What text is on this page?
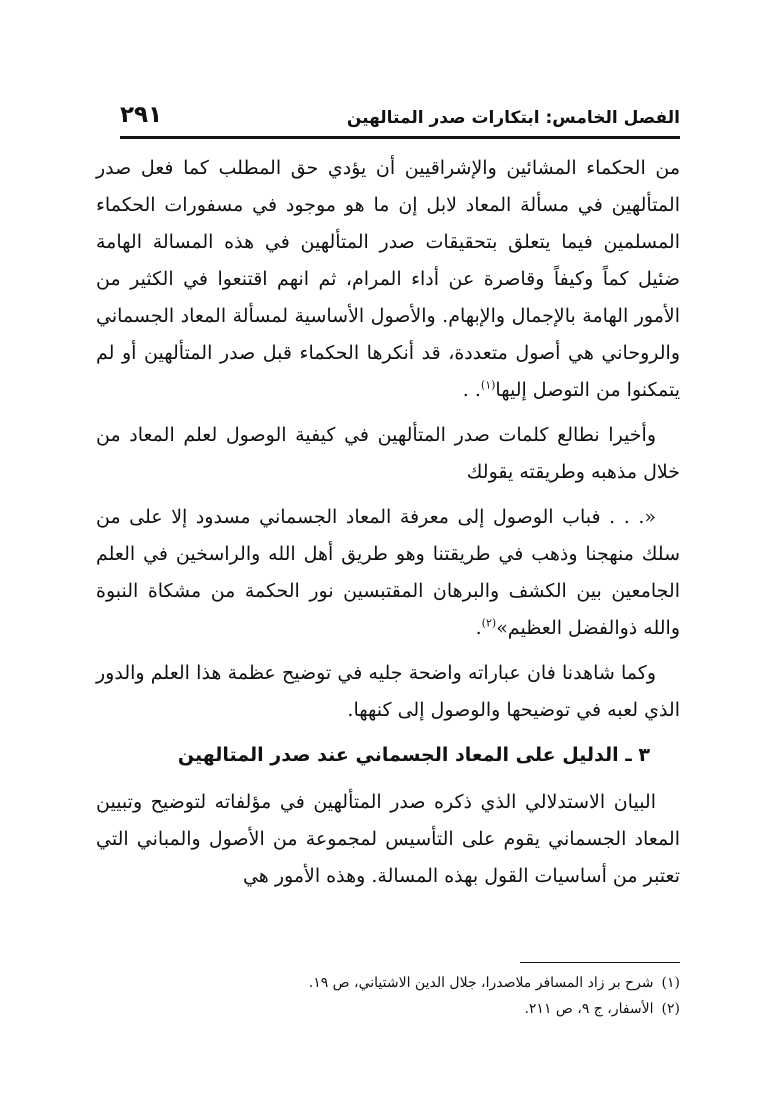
الفصل الخامس: ابتكارات صدر المتالهين
٢٩١

من الحكماء المشائين والإشراقيين أن يؤدي حق المطلب كما فعل صدر المتألهين في مسألة المعاد لابل إن ما هو موجود في مسفورات الحكماء المسلمين فيما يتعلق بتحقيقات صدر المتألهين في هذه المسالة الهامة ضئيل كماً وكيفاً وقاصرة عن أداء المرام، ثم انهم اقتنعوا في الكثير من الأمور الهامة بالإجمال والإبهام. والأصول الأساسية لمسألة المعاد الجسماني والروحاني هي أصول متعددة، قد أنكرها الحكماء قبل صدر المتألهين أو لم يتمكنوا من التوصل إليها$^{(١)}$. .

وأخيرا نطالع كلمات صدر المتألهين في كيفية الوصول لعلم المعاد من خلال مذهبه وطريقته يقولك

«. . . فباب الوصول إلى معرفة المعاد الجسماني مسدود إلا على من سلك منهجنا وذهب في طريقتنا وهو طريق أهل الله والراسخين في العلم الجامعين بين الكشف والبرهان المقتبسين نور الحكمة من مشكاة النبوة والله ذوالفضل العظيم»$^{(٢)}$.

وكما شاهدنا فان عباراته واضحة جليه في توضيح عظمة هذا العلم والدور الذي لعبه في توضيحها والوصول إلى كنهها.

٣ ـ الدليل على المعاد الجسماني عند صدر المتالهين

البيان الاستدلالي الذي ذكره صدر المتألهين في مؤلفاته لتوضيح وتبيين المعاد الجسماني يقوم على التأسيس لمجموعة من الأصول والمباني التي تعتبر من أساسيات القول بهذه المسالة. وهذه الأمور هي

(١)شرح بر زاد المسافر ملاصدرا، جلال الدين الاشتياني، ص ١٩.

(٢)الأسفار، ج ٩، ص ٢١١.
